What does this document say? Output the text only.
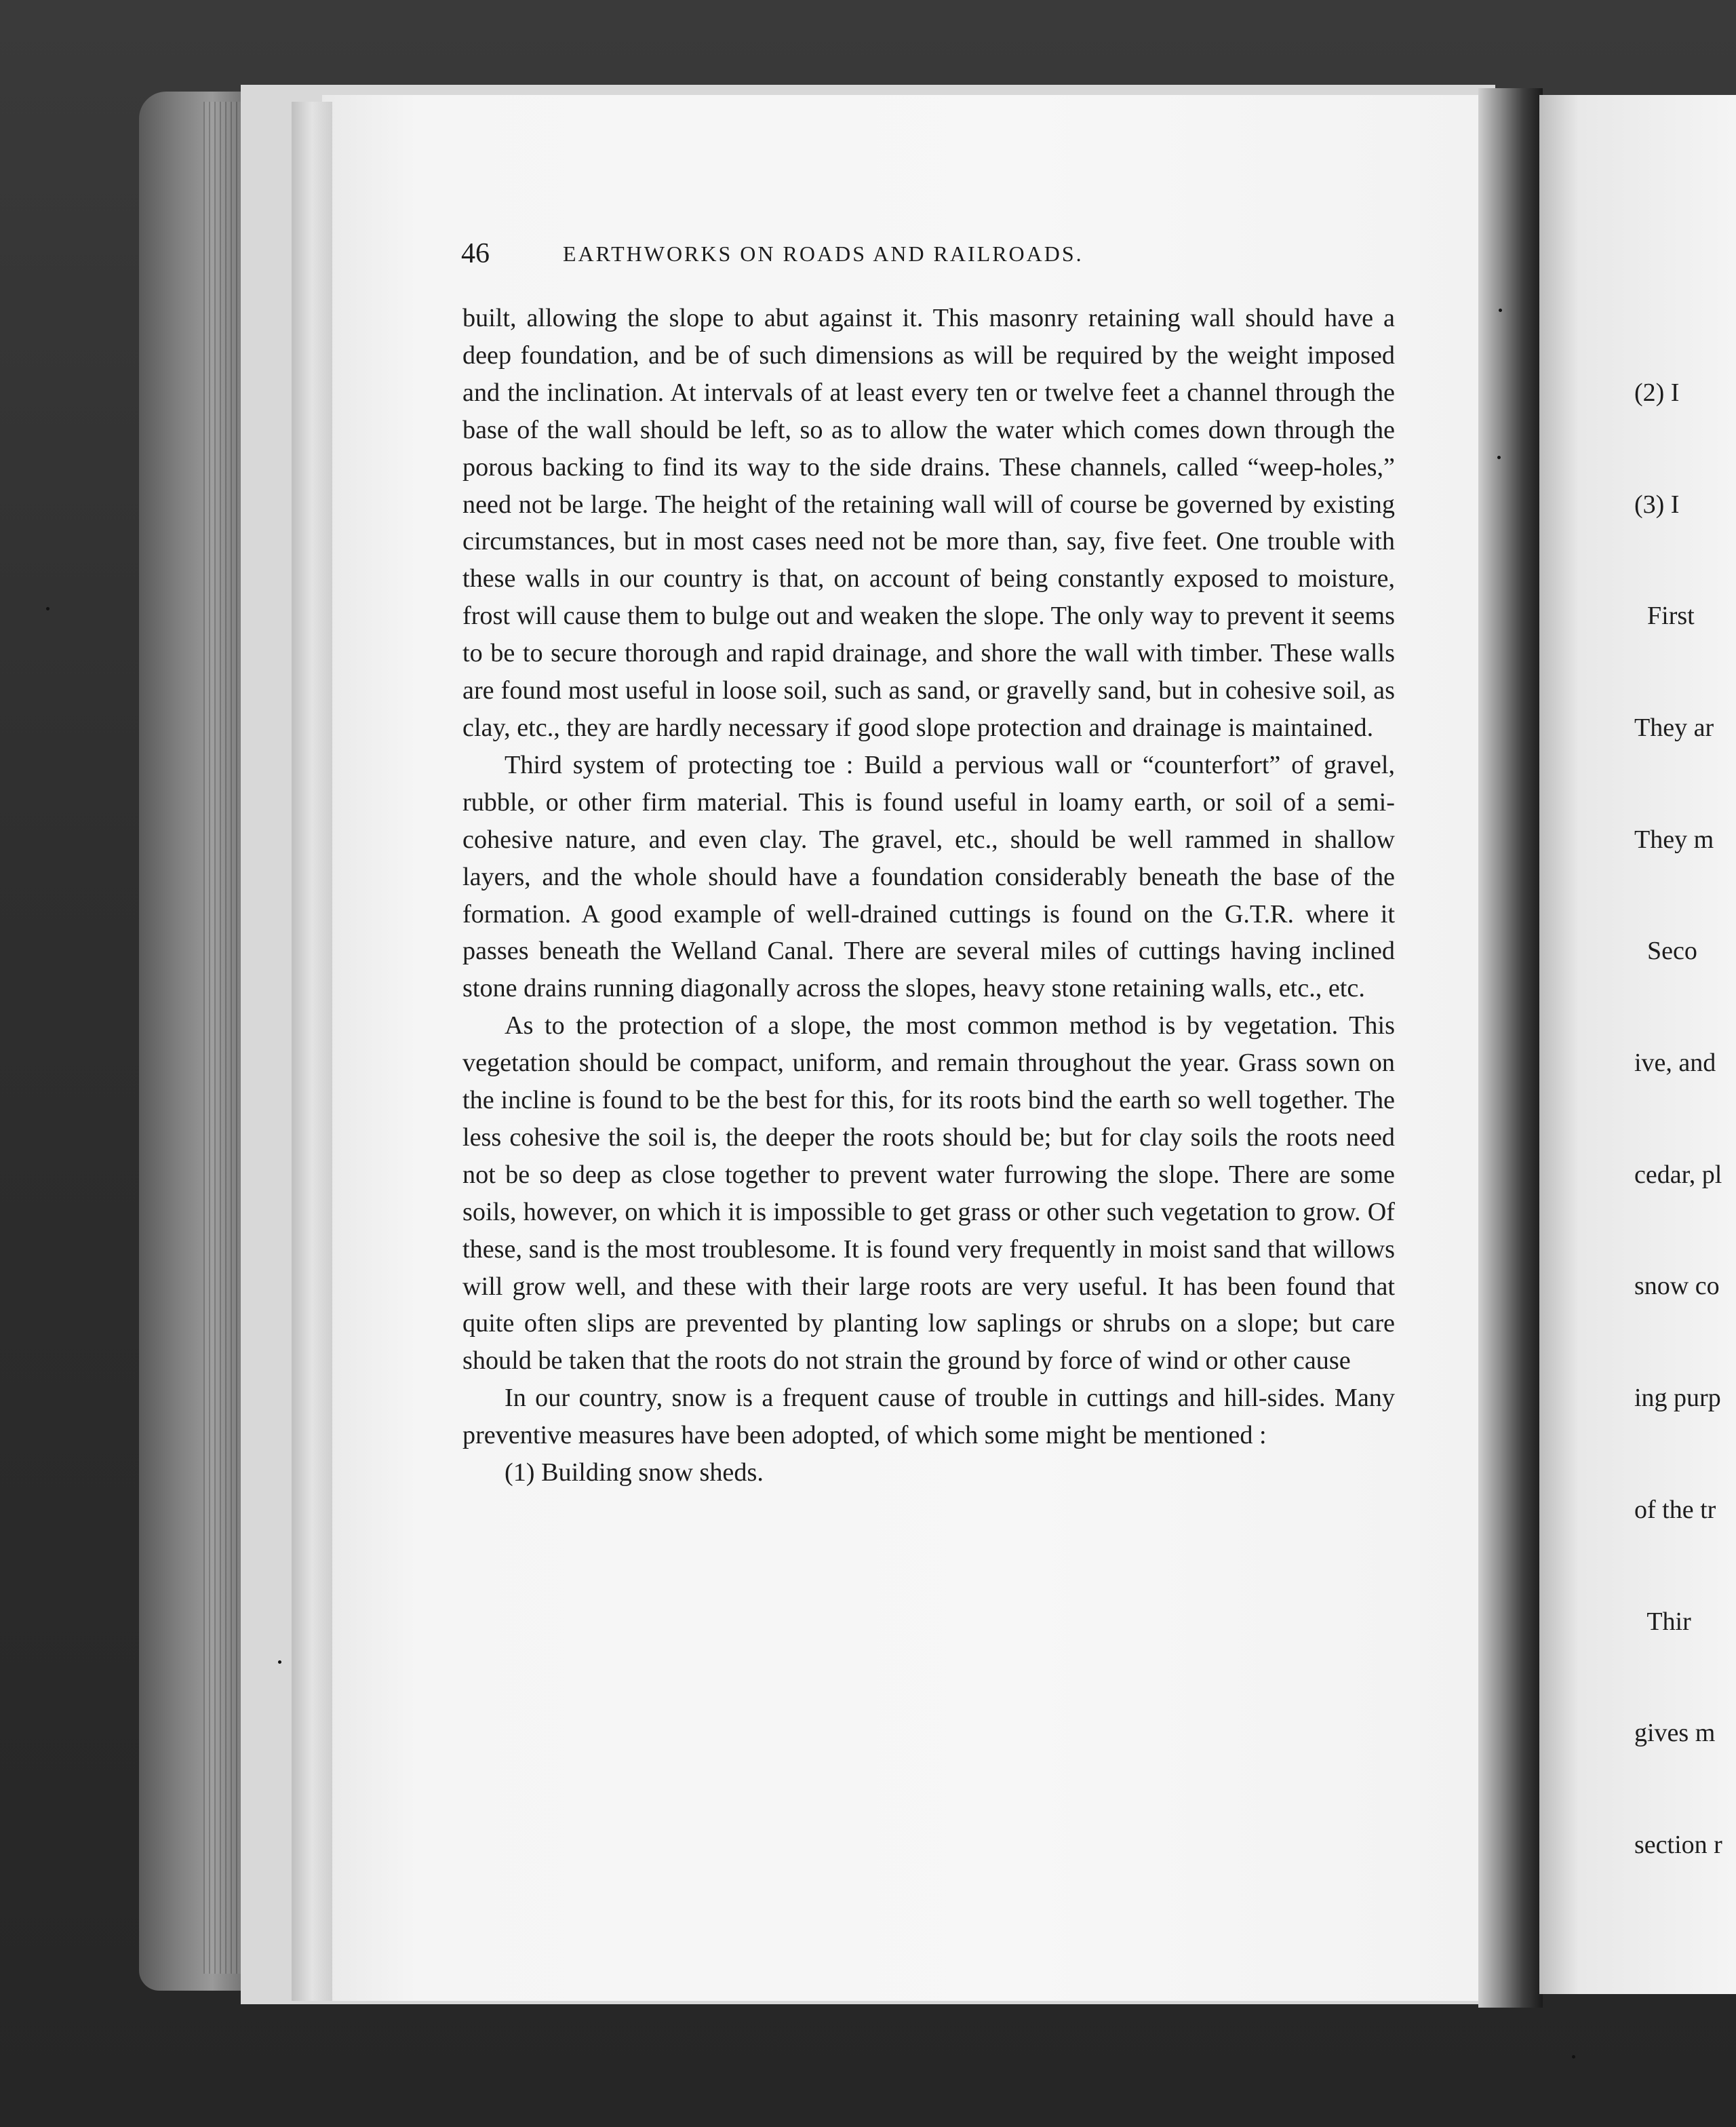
46	EARTHWORKS ON ROADS AND RAILROADS.

built, allowing the slope to abut against it. This masonry retaining wall should have a deep foundation, and be of such dimensions as will be required by the weight imposed and the inclination. At intervals of at least every ten or twelve feet a channel through the base of the wall should be left, so as to allow the water which comes down through the porous backing to find its way to the side drains. These channels, called “weep-holes,” need not be large. The height of the retaining wall will of course be governed by existing circumstances, but in most cases need not be more than, say, five feet. One trouble with these walls in our country is that, on account of being constantly exposed to moisture, frost will cause them to bulge out and weaken the slope. The only way to prevent it seems to be to secure thorough and rapid drainage, and shore the wall with timber. These walls are found most useful in loose soil, such as sand, or gravelly sand, but in cohesive soil, as clay, etc., they are hardly necessary if good slope protection and drainage is maintained.

Third system of protecting toe : Build a pervious wall or “counterfort” of gravel, rubble, or other firm material. This is found useful in loamy earth, or soil of a semi-cohesive nature, and even clay. The gravel, etc., should be well rammed in shallow layers, and the whole should have a foundation considerably beneath the base of the formation. A good example of well-drained cuttings is found on the G.T.R. where it passes beneath the Welland Canal. There are several miles of cuttings having inclined stone drains running diagonally across the slopes, heavy stone retaining walls, etc., etc.

As to the protection of a slope, the most common method is by vegetation. This vegetation should be compact, uniform, and remain throughout the year. Grass sown on the incline is found to be the best for this, for its roots bind the earth so well together. The less cohesive the soil is, the deeper the roots should be; but for clay soils the roots need not be so deep as close together to prevent water furrowing the slope. There are some soils, however, on which it is impossible to get grass or other such vegetation to grow. Of these, sand is the most troublesome. It is found very frequently in moist sand that willows will grow well, and these with their large roots are very useful. It has been found that quite often slips are prevented by planting low saplings or shrubs on a slope; but care should be taken that the roots do not strain the ground by force of wind or other cause

In our country, snow is a frequent cause of trouble in cuttings and hill-sides. Many preventive measures have been adopted, of which some might be mentioned :

(1) Building snow sheds.

(2) I

(3) I

First

They ar

They m

Seco

ive, and

cedar, pl

snow co

ing purp

of the tr

Thir

gives m

section r
